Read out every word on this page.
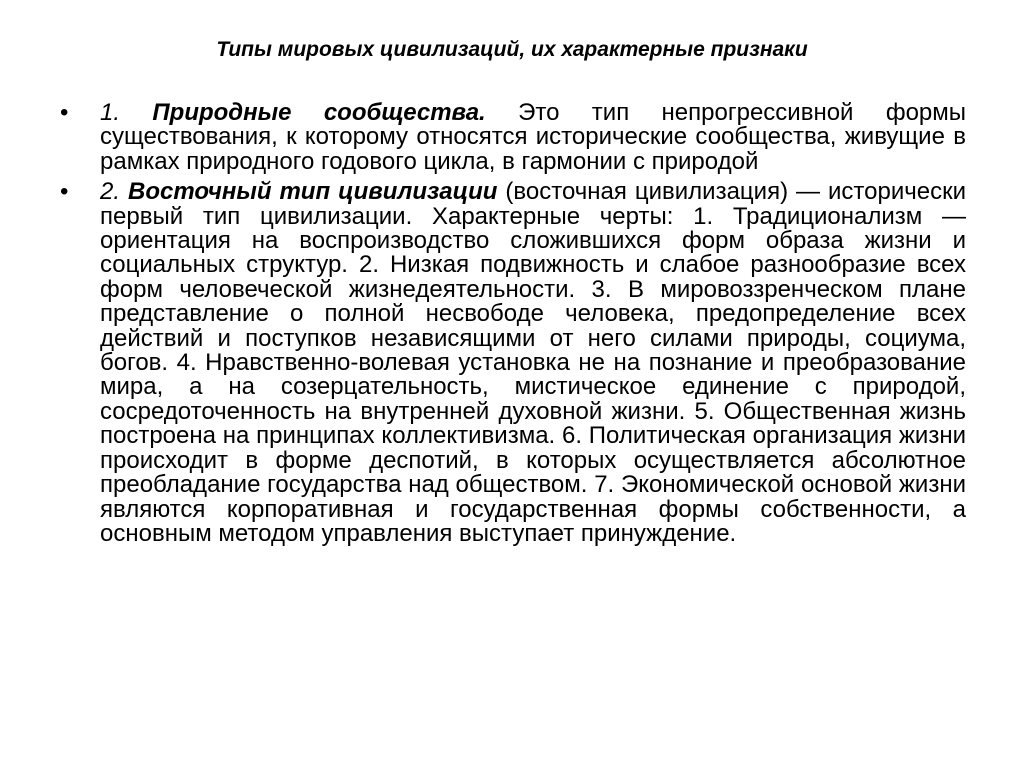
Типы мировых цивилизаций, их характерные признаки
•	1. Природные сообщества. Это тип непрогрессивной формы существования, к которому относятся исторические сообщества, живущие в рамках природного годового цикла, в гармонии с природой
•	2. Восточный тип цивилизации (восточная цивилизация) — исторически первый тип цивилизации. Характерные черты: 1. Традиционализм — ориентация на воспроизводство сложившихся форм образа жизни и социальных структур. 2. Низкая подвижность и слабое разнообразие всех форм человеческой жизнедеятельности. 3. В мировоззренческом плане представление о полной несвободе человека, предопределение всех действий и поступков независящими от него силами природы, социума, богов. 4. Нравственно-волевая установка не на познание и преобразование мира, а на созерцательность, мистическое единение с природой, сосредоточенность на внутренней духовной жизни. 5. Общественная жизнь построена на принципах коллективизма. 6. Политическая организация жизни происходит в форме деспотий, в которых осуществляется абсолютное преобладание государства над обществом. 7. Экономической основой жизни являются корпоративная и государственная формы собственности, а основным методом управления выступает принуждение.
